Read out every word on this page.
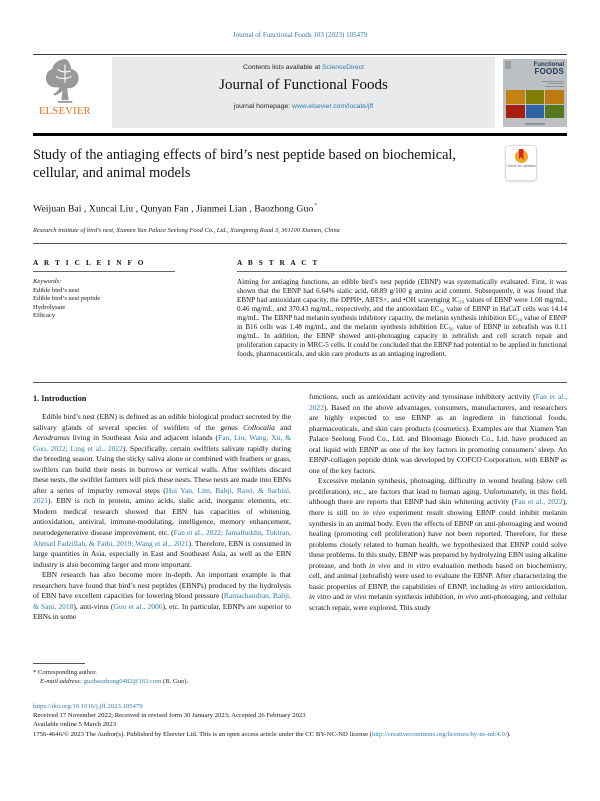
Journal of Functional Foods 103 (2023) 105479
ELSEVIER
Contents lists available at ScienceDirect
Journal of Functional Foods
journal homepage: www.elsevier.com/locate/jff
Functional
FOODS
Study of the antiaging effects of bird’s nest peptide based on biochemical, cellular, and animal models	Check for updates
Weijuan Bai , Xuncai Liu , Qunyan Fan , Jianmei Lian , Baozhong Guo*
Research institute of bird’s nest, Xiamen Yan Palace Seelong Food Co., Ltd., Xiangming Road 3, 361100 Xiamen, China
A R T I C L E I N F O
Keywords:
Edible bird’s nest
Edible bird’s nest peptide
Hydrolysate
Efficacy
A B S T R A C T
Aiming for antiaging functions, an edible bird’s nest peptide (EBNP) was systematically evaluated. First, it was shown that the EBNP had 6.64% sialic acid, 68.89 g/100 g amino acid content. Subsequently, it was found that EBNP had antioxidant capacity, the DPPH•, ABTS+, and •OH scavenging IC₅₀ values of EBNP were 1.08 mg/mL, 0.46 mg/mL, and 370.43 mg/mL, respectively, and the antioxidant EC₅₀ value of EBNP in HaCaT cells was 14.14 mg/mL. The EBNP had melanin synthesis inhibitory capacity, the melanin synthesis inhibition EC₅₀ value of EBNP in B16 cells was 1.48 mg/mL, and the melanin synthesis inhibition EC₅₀ value of EBNP in zebrafish was 0.11 mg/mL. In addition, the EBNP showed anti-photoaging capacity in zebrafish and cell scratch repair and proliferation capacity in MRC-5 cells. It could be concluded that the EBNP had potential to be applied in functional foods, pharmaceuticals, and skin care products as an antiaging ingredient.
1. Introduction

Edible bird’s nest (EBN) is defined as an edible biological product secreted by the salivary glands of several species of swiftlets of the genus Collocalia and Aerodramus living in Southeast Asia and adjacent islands (Fan, Liu, Wang, Xu, & Guo, 2022; Ling et al., 2022). Specifically, certain swiftlets salivate rapidly during the breeding season. Using the sticky saliva alone or combined with feathers or grass, swiftlets can build their nests in burrows or vertical walls. After swiftlets discard these nests, the swiftlet farmers will pick these nests. These nests are made into EBNs after a series of impurity removal steps (Hui Yan, Lim, Babji, Rawi, & Sarbini, 2021). EBN is rich in protein, amino acids, sialic acid, inorganic elements, etc. Modern medical research showed that EBN has capacities of whitening, antioxidation, antiviral, immune-modulating, intelligence, memory enhancement, neurodegenerative disease improvement, etc. (Fan et al., 2022; Jamalluddin, Tukiran, Ahmad Fadzillah, & Fathi, 2019; Wang et al., 2021). Therefore, EBN is consumed in large quantities in Asia, especially in East and Southeast Asia, as well as the EBN industry is also becoming larger and more important.

EBN research has also become more in-depth. An important example is that researchers have found that bird’s nest peptides (EBNPs) produced by the hydrolysis of EBN have excellent capacities for lowering blood pressure (Ramachandran, Babji, & Sani, 2018), anti-virus (Guo et al., 2006), etc. In particular, EBNPs are superior to EBNs in some

functions, such as antioxidant activity and tyrosinase inhibitory activity (Fan et al., 2022). Based on the above advantages, consumers, manufacturers, and researchers are highly expected to use EBNP as an ingredient in functional foods, pharmaceuticals, and skin care products (cosmetics). Examples are that Xiamen Yan Palace Seelong Food Co., Ltd. and Bloomage Biotech Co., Ltd. have produced an oral liquid with EBNP as one of the key factors in promoting consumers’ sleep. An EBNP-collagen peptide drink was developed by COFCO Corporation, with EBNP as one of the key factors.

Excessive melanin synthesis, photoaging, difficulty in wound healing (slow cell proliferation), etc., are factors that lead to human aging. Unfortunately, in this field, although there are reports that EBNP had skin whitening activity (Fan et al., 2022), there is still no in vivo experiment result showing EBNP could inhibit melanin synthesis in an animal body. Even the effects of EBNP on anti-photoaging and wound healing (promoting cell proliferation) have not been reported. Therefore, for these problems closely related to human health, we hypothesized that EBNP could solve these problems. In this study, EBNP was prepared by hydrolyzing EBN using alkaline protease, and both in vivo and in vitro evaluation methods based on biochemistry, cell, and animal (zebrafish) were used to evaluate the EBNP. After characterizing the basic properties of EBNP, the capabilities of EBNP, including in vitro antioxidation, in vitro and in vivo melanin synthesis inhibition, in vivo anti-photoaging, and cellular scratch repair, were explored. This study

* Corresponding author.
E-mail address: guobaozhong0482@163.com (B. Guo).
https://doi.org/10.1016/j.jff.2023.105479
Received 17 November 2022; Received in revised form 30 January 2023; Accepted 26 February 2023
Available online 5 March 2023
1756-4646/© 2023 The Author(s). Published by Elsevier Ltd. This is an open access article under the CC BY-NC-ND license (http://creativecommons.org/licenses/by-nc-nd/4.0/).
